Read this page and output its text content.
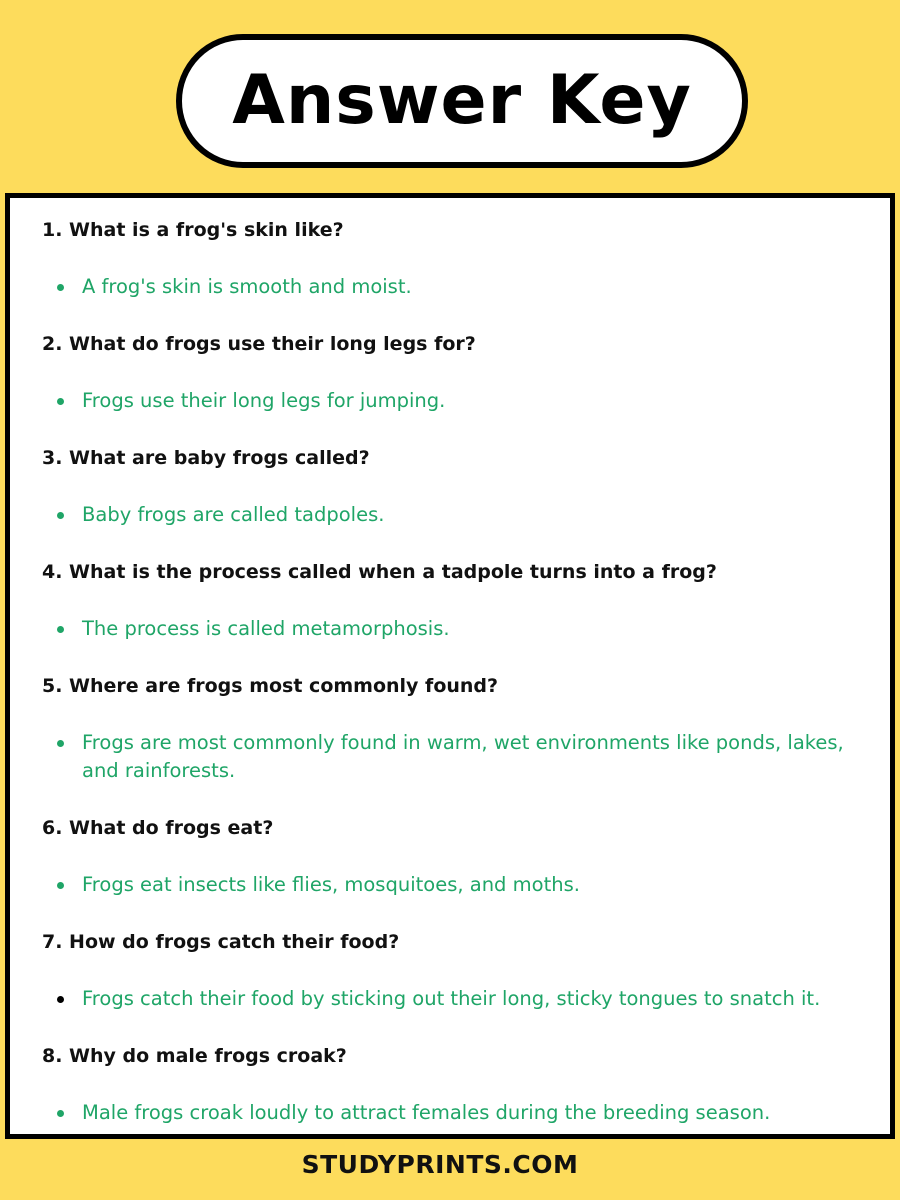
Answer Key

1. What is a frog's skin like?

A frog's skin is smooth and moist.

2. What do frogs use their long legs for?

Frogs use their long legs for jumping.

3. What are baby frogs called?

Baby frogs are called tadpoles.

4. What is the process called when a tadpole turns into a frog?

The process is called metamorphosis.

5. Where are frogs most commonly found?

Frogs are most commonly found in warm, wet environments like ponds, lakes, and rainforests.

6. What do frogs eat?

Frogs eat insects like flies, mosquitoes, and moths.

7. How do frogs catch their food?

Frogs catch their food by sticking out their long, sticky tongues to snatch it.

8. Why do male frogs croak?

Male frogs croak loudly to attract females during the breeding season.
STUDYPRINTS.COM
